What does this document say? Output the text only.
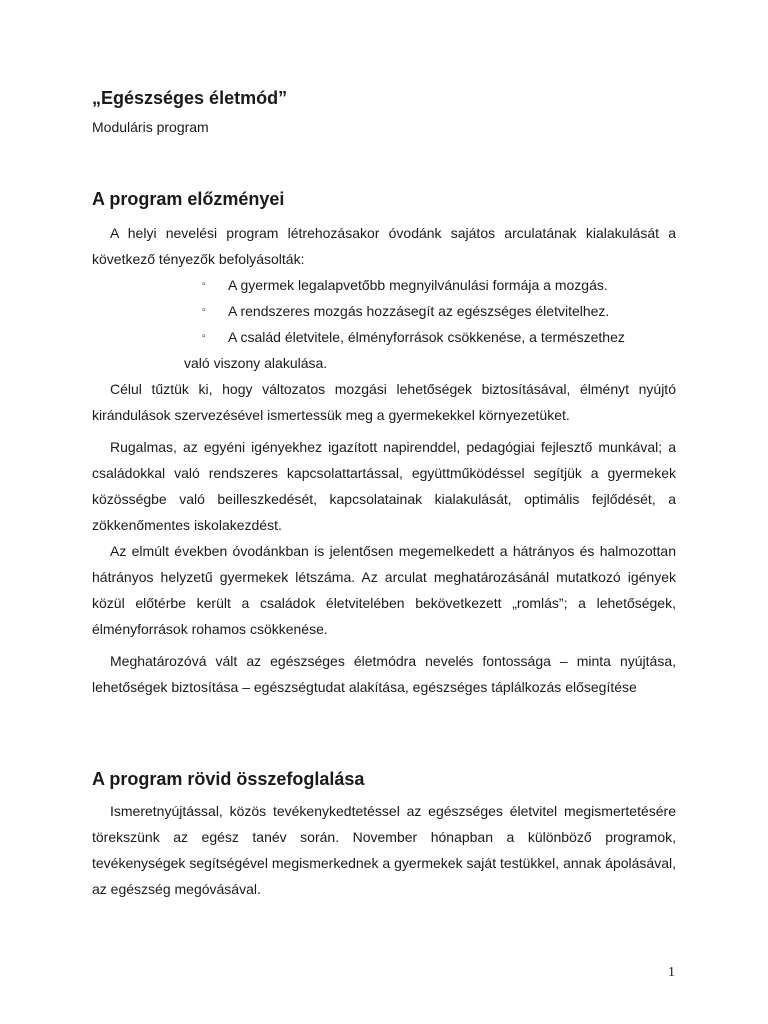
„Egészséges életmód”

Moduláris program

A program előzményei

A helyi nevelési program létrehozásakor óvodánk sajátos arculatának kialakulását a következő tényezők befolyásolták:

▫ A gyermek legalapvetőbb megnyilvánulási formája a mozgás.
▫ A rendszeres mozgás hozzásegít az egészséges életvitelhez.
▫ A család életvitele, élményforrások csökkenése, a természethez

való viszony alakulása.

Célul tűztük ki, hogy változatos mozgási lehetőségek biztosításával, élményt nyújtó kirándulások szervezésével ismertessük meg a gyermekekkel környezetüket.

Rugalmas, az egyéni igényekhez igazított napirenddel, pedagógiai fejlesztő munkával; a családokkal való rendszeres kapcsolattartással, együttműködéssel segítjük a gyermekek közösségbe való beilleszkedését, kapcsolatainak kialakulását, optimális fejlődését, a zökkenőmentes iskolakezdést.

Az elmúlt években óvodánkban is jelentősen megemelkedett a hátrányos és halmozottan hátrányos helyzetű gyermekek létszáma. Az arculat meghatározásánál mutatkozó igények közül előtérbe került a családok életvitelében bekövetkezett „romlás”; a lehetőségek, élményforrások rohamos csökkenése.

Meghatározóvá vált az egészséges életmódra nevelés fontossága – minta nyújtása, lehetőségek biztosítása – egészségtudat alakítása, egészséges táplálkozás elősegítése

A program rövid összefoglalása

Ismeretnyújtással, közös tevékenykedtetéssel az egészséges életvitel megismertetésére törekszünk az egész tanév során. November hónapban a különböző programok, tevékenységek segítségével megismerkednek a gyermekek saját testükkel, annak ápolásával, az egészség megóvásával.

1
